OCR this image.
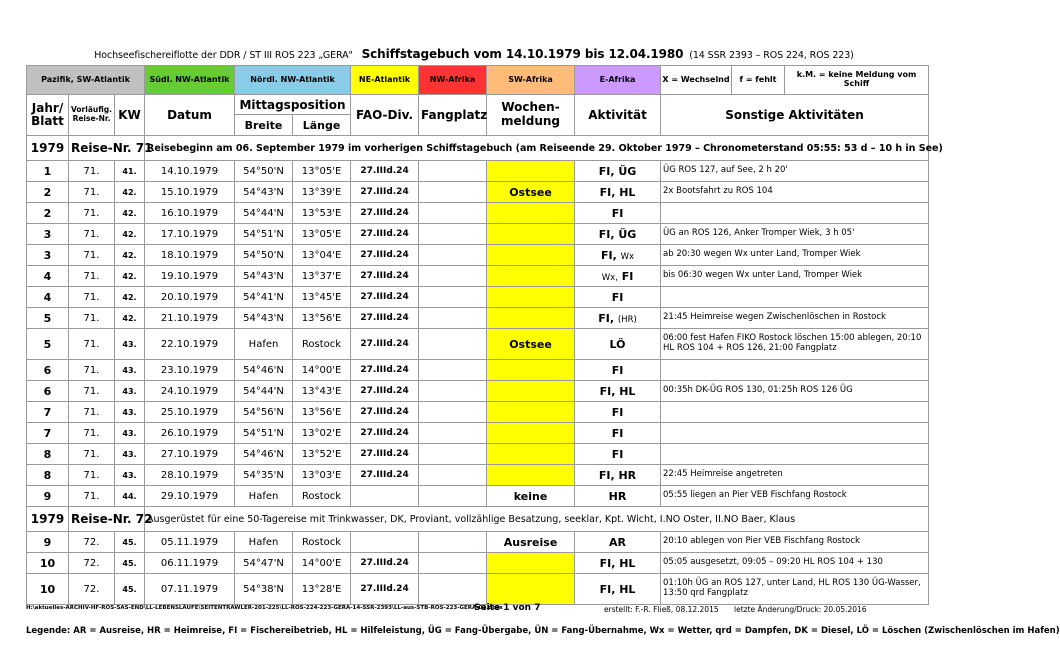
Hochseefischereiflotte der DDR / ST III ROS 223 „GERA" Schiffstagebuch vom 14.10.1979 bis 12.04.1980 (14 SSR 2393 – ROS 224, ROS 223)
Pazifik, SW-Atlantik			Südl. NW-Atlantik	Nördl. NW-Atlantik		NE-Atlantik	NW-Afrika	SW-Afrika	E-Afrika	X = Wechselnd f = fehlt k.M. = keine Meldung vom Schiff

Jahr/ Blatt	Vorläufig. Reise-Nr.	KW	Datum	Mittagsposition		FAO-Div.	Fangplatz	Wochen-meldung	Aktivität	Sonstige Aktivitäten
				Breite	Länge					
1979	Reise-Nr. 71		Reisebeginn am 06. September 1979 im vorherigen Schiffstagebuch (am Reiseende 29. Oktober 1979 – Chronometerstand 05:55: 53 d – 10 h in See)							
1	71.	41.	14.10.1979	54°50'N	13°05'E	27.IIId.24			FI, ÜG	ÜG ROS 127, auf See, 2 h 20'
2	71.	42.	15.10.1979	54°43'N	13°39'E	27.IIId.24		Ostsee	FI, HL	2x Bootsfahrt zu ROS 104
2	71.	42.	16.10.1979	54°44'N	13°53'E	27.IIId.24			FI	
3	71.	42.	17.10.1979	54°51'N	13°05'E	27.IIId.24			FI, ÜG	ÜG an ROS 126, Anker Tromper Wiek, 3 h 05'
3	71.	42.	18.10.1979	54°50'N	13°04'E	27.IIId.24			FI, Wx	ab 20:30 wegen Wx unter Land, Tromper Wiek
4	71.	42.	19.10.1979	54°43'N	13°37'E	27.IIId.24			Wx, FI	bis 06:30 wegen Wx unter Land, Tromper Wiek
4	71.	42.	20.10.1979	54°41'N	13°45'E	27.IIId.24			FI	
5	71.	42.	21.10.1979	54°43'N	13°56'E	27.IIId.24			FI, (HR)	21:45 Heimreise wegen Zwischenlöschen in Rostock
5	71.	43.	22.10.1979	Hafen	Rostock	27.IIId.24		Ostsee	LÖ	06:00 fest Hafen FIKO Rostock löschen 15:00 ablegen, 20:10 HL ROS 104 + ROS 126, 21:00 Fangplatz
6	71.	43.	23.10.1979	54°46'N	14°00'E	27.IIId.24			FI	
6	71.	43.	24.10.1979	54°44'N	13°43'E	27.IIId.24			FI, HL	00:35h DK-ÜG ROS 130, 01:25h ROS 126 ÜG
7	71.	43.	25.10.1979	54°56'N	13°56'E	27.IIId.24			FI	
7	71.	43.	26.10.1979	54°51'N	13°02'E	27.IIId.24			FI	
8	71.	43.	27.10.1979	54°46'N	13°52'E	27.IIId.24			FI	
8	71.	43.	28.10.1979	54°35'N	13°03'E	27.IIId.24			FI, HR	22:45 Heimreise angetreten
9	71.	44.	29.10.1979	Hafen	Rostock			keine	HR	05:55 liegen an Pier VEB Fischfang Rostock
1979	Reise-Nr. 72		Ausgerüstet für eine 50-Tagereise mit Trinkwasser, DK, Proviant, vollzählige Besatzung, seeklar, Kpt. Wicht, I.NO Oster, II.NO Baer, Klaus							
9	72.	45.	05.11.1979	Hafen	Rostock			Ausreise	AR	20:10 ablegen von Pier VEB Fischfang Rostock
10	72.	45.	06.11.1979	54°47'N	14°00'E	27.IIId.24			FI, HL	05:05 ausgesetzt, 09:05 – 09:20 HL ROS 104 + 130
10	72.	45.	07.11.1979	54°38'N	13°28'E	27.IIId.24			FI, HL	01:10h ÜG an ROS 127, unter Land, HL ROS 130 ÜG-Wasser, 13:50 qrd Fangplatz
H:\aktuelles-ARCHIV-HF-ROS-SAS-END\LL-LEBENSLÄUFE\SEITENTRAWLER-201-225\LL-ROS-224-223-GERA-14-SSR-2393\LL-aus-STB-ROS-223-GERA-01.docx
Seite 1 von 7	erstellt: F.-R. Fließ, 08.12.2015 letzte Änderung/Druck: 20.05.2016
Legende: AR = Ausreise, HR = Heimreise, FI = Fischereibetrieb, HL = Hilfeleistung, ÜG = Fang-Übergabe, ÜN = Fang-Übernahme, Wx = Wetter, qrd = Dampfen, DK = Diesel, LÖ = Löschen (Zwischenlöschen im Hafen)
